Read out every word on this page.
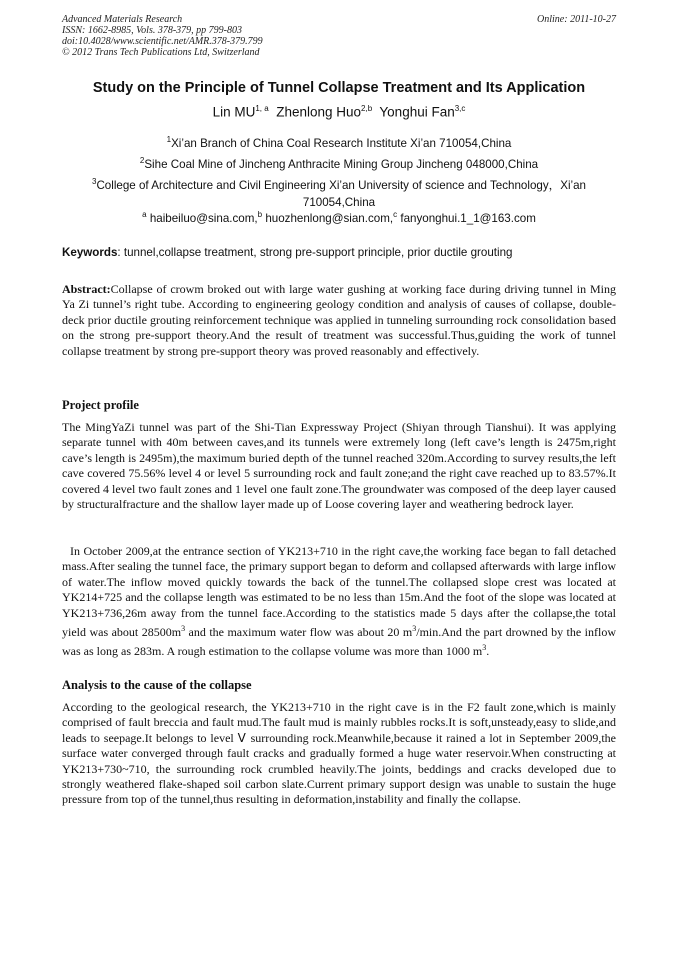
Advanced Materials Research	Online: 2011-10-27
ISSN: 1662-8985, Vols. 378-379, pp 799-803
doi:10.4028/www.scientific.net/AMR.378-379.799
© 2012 Trans Tech Publications Ltd, Switzerland
Study on the Principle of Tunnel Collapse Treatment and Its Application
Lin MU$^{1, a}$ Zhenlong Huo$^{2,b}$ Yonghui Fan$^{3,c}$
$^1$Xi’an Branch of China Coal Research Institute Xi’an 710054,China
$^2$Sihe Coal Mine of Jincheng Anthracite Mining Group Jincheng 048000,China
$^3$College of Architecture and Civil Engineering Xi’an University of science and Technology，Xi’an 710054,China
$^a$ haibeiluo@sina.com,$^b$ huozhenlong@sian.com,$^c$ fanyonghui.1_1@163.com
Keywords: tunnel,collapse treatment, strong pre-support principle, prior ductile grouting
Abstract:Collapse of crowm broked out with large water gushing at working face during driving tunnel in Ming Ya Zi tunnel’s right tube. According to engineering geology condition and analysis of causes of collapse, double-deck prior ductile grouting reinforcement technique was applied in tunneling surrounding rock consolidation based on the strong pre-support theory.And the result of treatment was successful.Thus,guiding the work of tunnel collapse treatment by strong pre-support theory was proved reasonably and effectively.
Project profile
The MingYaZi tunnel was part of the Shi-Tian Expressway Project (Shiyan through Tianshui). It was applying separate tunnel with 40m between caves,and its tunnels were extremely long (left cave’s length is 2475m,right cave’s length is 2495m),the maximum buried depth of the tunnel reached 320m.According to survey results,the left cave covered 75.56% level 4 or level 5 surrounding rock and fault zone;and the right cave reached up to 83.57%.It covered 4 level two fault zones and 1 level one fault zone.The groundwater was composed of the deep layer caused by structuralfracture and the shallow layer made up of Loose covering layer and weathering bedrock layer.
In October 2009,at the entrance section of YK213+710 in the right cave,the working face began to fall detached mass.After sealing the tunnel face, the primary support began to deform and collapsed afterwards with large inflow of water.The inflow moved quickly towards the back of the tunnel.The collapsed slope crest was located at YK214+725 and the collapse length was estimated to be no less than 15m.And the foot of the slope was located at YK213+736,26m away from the tunnel face.According to the statistics made 5 days after the collapse,the total yield was about $28500m^3$ and the maximum water flow was about 20 $m^3/\min.And$ the part drowned by the inflow was as long as 283m. A rough estimation to the collapse volume was more than 1000 $m^3$.
Analysis to the cause of the collapse
According to the geological research, the YK213+710 in the right cave is in the F2 fault zone,which is mainly comprised of fault breccia and fault mud.The fault mud is mainly rubbles rocks.It is soft,unsteady,easy to slide,and leads to seepage.It belongs to level Ⅴ surrounding rock.Meanwhile,because it rained a lot in September 2009,the surface water converged through fault cracks and gradually formed a huge water reservoir.When constructing at YK213+730~710, the surrounding rock crumbled heavily.The joints, beddings and cracks developed due to strongly weathered flake-shaped soil carbon slate.Current primary support design was unable to sustain the huge pressure from top of the tunnel,thus resulting in deformation,instability and finally the collapse.
